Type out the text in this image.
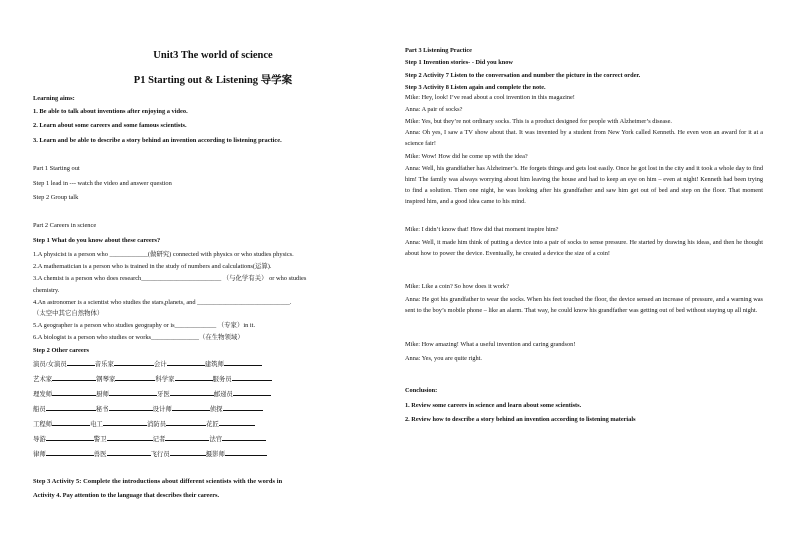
Unit3 The world of science
P1 Starting out & Listening 导学案
Learning aims:
1. Be able to talk about inventions after enjoying a video.
2. Learn about some careers and some famous scientists.
3. Learn and be able to describe a story behind an invention according to listening practice.
Part 1 Starting out
Step 1 lead in --- watch the video and answer question
Step 2 Group talk
Part 2 Careers in science
Step 1 What do you know about these careers?
1.A physicist is a person who ____________(做研究) connected with physics or who studies physics.
2.A mathematician is a person who is trained in the study of numbers and calculations(运算).
3.A chemist is a person who does research_________________________ （与化学有关） or who studies
chemistry.
4.An astronomer is a scientist who studies the stars,planets, and _____________________________.
（太空中其它自然物体）
5.A geographer is a person who studies geography or is_____________ （专家）in it.
6.A biologist is a person who studies or works_______________（在生物领域）
Step 2 Other careers
演员/女演员	音乐家	会计	建筑师
艺术家	钢琴家	科学家	服务员
理发师	厨师	牙医	邮递员
船员	秘书	设计师	侦探
工程师	电工	消防员	花匠
导游	警卫	记者	法官
律师	兽医	飞行员	摄影师
Step 3 Activity 5: Complete the introductions about different scientists with the words in
Activity 4. Pay attention to the language that describes their careers.
Part 3 Listening Practice
Step 1 Invention stories- - Did you know
Step 2 Activity 7 Listen to the conversation and number the picture in the correct order.
Step 3 Activity 8 Listen again and complete the note.
Mike: Hey, look! I’ve read about a cool invention in this magazine!
Anna: A pair of socks?
Mike: Yes, but they’re not ordinary socks. This is a product designed for people with Alzheimer’s disease.
Anna: Oh yes, I saw a TV show about that. It was invented by a student from New York called Kenneth. He even won an award for it at a science fair!
Mike: Wow! How did he come up with the idea?
Anna: Well, his grandfather has Alzheimer’s. He forgets things and gets lost easily. Once he got lost in the city and it took a whole day to find him! The family was always worrying about him leaving the house and had to keep an eye on him – even at night! Kenneth had been trying to find a solution. Then one night, he was looking after his grandfather and saw him get out of bed and step on the floor. That moment inspired him, and a good idea came to his mind.
Mike: I didn’t know that! How did that moment inspire him?
Anna: Well, it made him think of putting a device into a pair of socks to sense pressure. He started by drawing his ideas, and then he thought about how to power the device. Eventually, he created a device the size of a coin!
Mike: Like a coin? So how does it work?
Anna: He got his grandfather to wear the socks. When his feet touched the floor, the device sensed an increase of pressure, and a warning was sent to the boy’s mobile phone – like an alarm. That way, he could know his grandfather was getting out of bed without staying up all night.
Mike: How amazing! What a useful invention and caring grandson!
Anna: Yes, you are quite right.
Conclusion:
1. Review some careers in science and learn about some scientists.
2. Review how to describe a story behind an invention according to listening materials
